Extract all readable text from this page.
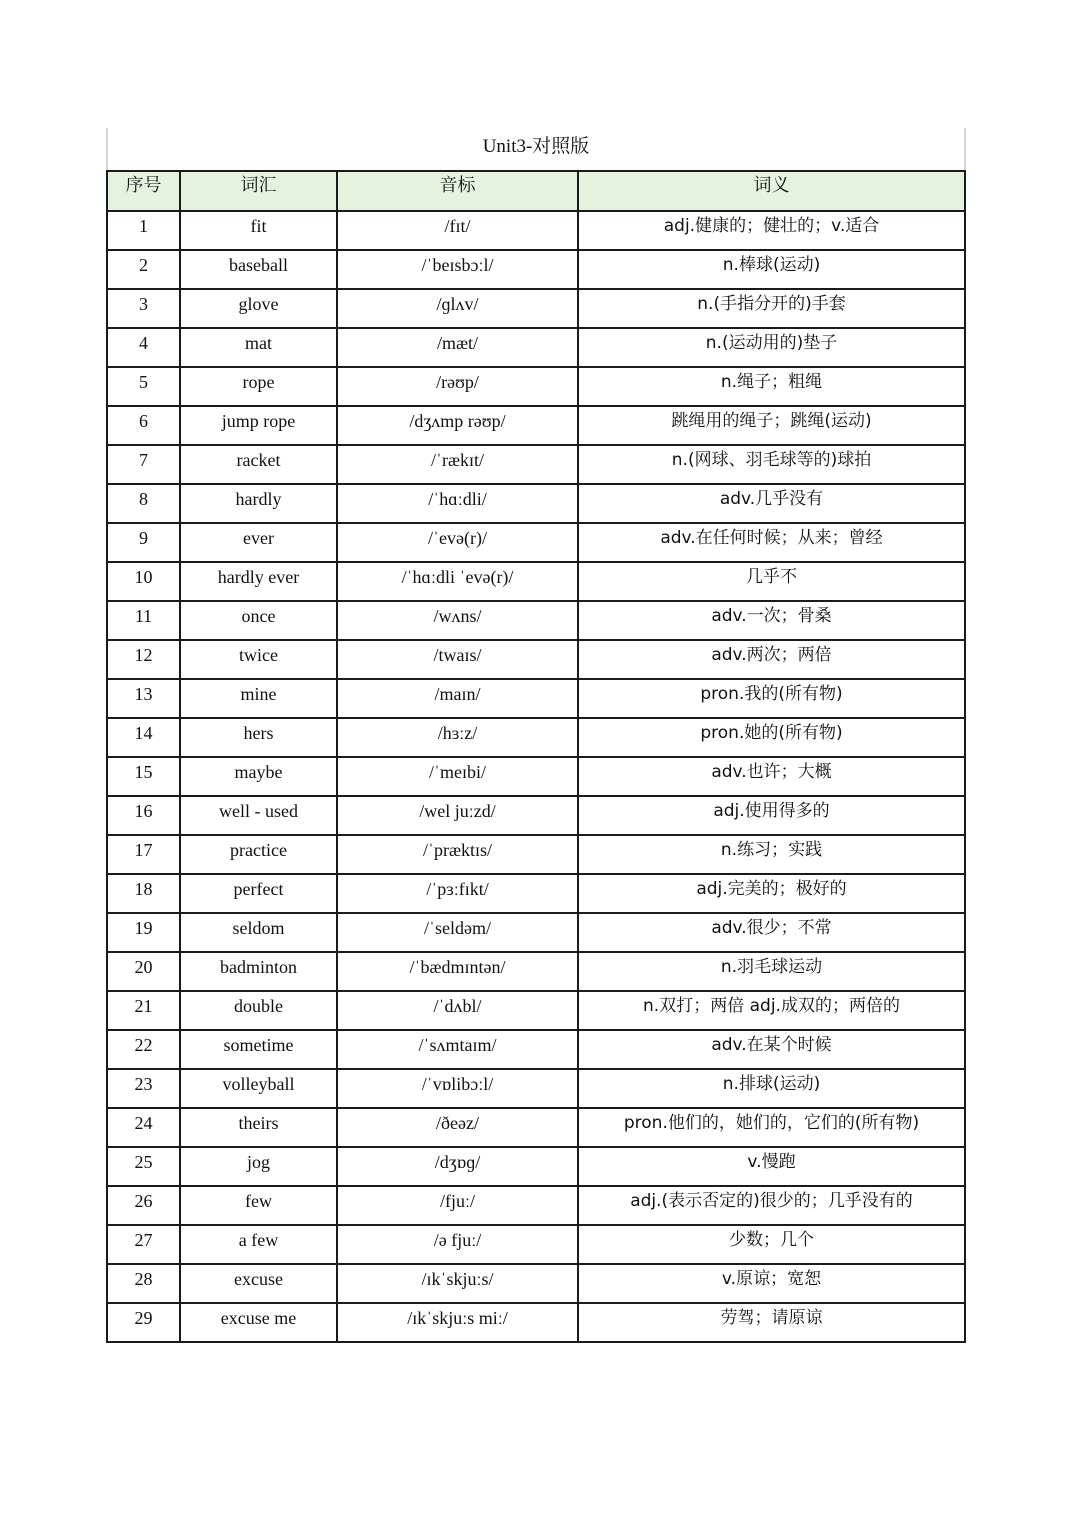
Unit3-对照版
序号	词汇	音标	词义
1	fit	/fɪt/	adj.健康的；健壮的；v.适合
2	baseball	/ˈbeɪsbɔːl/	n.棒球(运动)
3	glove	/ɡlʌv/	n.(手指分开的)手套
4	mat	/mæt/	n.(运动用的)垫子
5	rope	/rəʊp/	n.绳子；粗绳
6	jump rope	/dʒʌmp rəʊp/	跳绳用的绳子；跳绳(运动)
7	racket	/ˈrækɪt/	n.(网球、羽毛球等的)球拍
8	hardly	/ˈhɑːdli/	adv.几乎没有
9	ever	/ˈevə(r)/	adv.在任何时候；从来；曾经
10	hardly ever	/ˈhɑːdli ˈevə(r)/	几乎不
11	once	/wʌns/	adv.一次；骨桑
12	twice	/twaɪs/	adv.两次；两倍
13	mine	/maɪn/	pron.我的(所有物)
14	hers	/hɜːz/	pron.她的(所有物)
15	maybe	/ˈmeɪbi/	adv.也许；大概
16	well - used	/wel juːzd/	adj.使用得多的
17	practice	/ˈpræktɪs/	n.练习；实践
18	perfect	/ˈpɜːfɪkt/	adj.完美的；极好的
19	seldom	/ˈseldəm/	adv.很少；不常
20	badminton	/ˈbædmɪntən/	n.羽毛球运动
21	double	/ˈdʌbl/	n.双打；两倍 adj.成双的；两倍的
22	sometime	/ˈsʌmtaɪm/	adv.在某个时候
23	volleyball	/ˈvɒlibɔːl/	n.排球(运动)
24	theirs	/ðeəz/	pron.他们的，她们的，它们的(所有物)
25	jog	/dʒɒɡ/	v.慢跑
26	few	/fjuː/	adj.(表示否定的)很少的；几乎没有的
27	a few	/ə fjuː/	少数；几个
28	excuse	/ɪkˈskjuːs/	v.原谅；宽恕
29	excuse me	/ɪkˈskjuːs miː/	劳驾；请原谅
